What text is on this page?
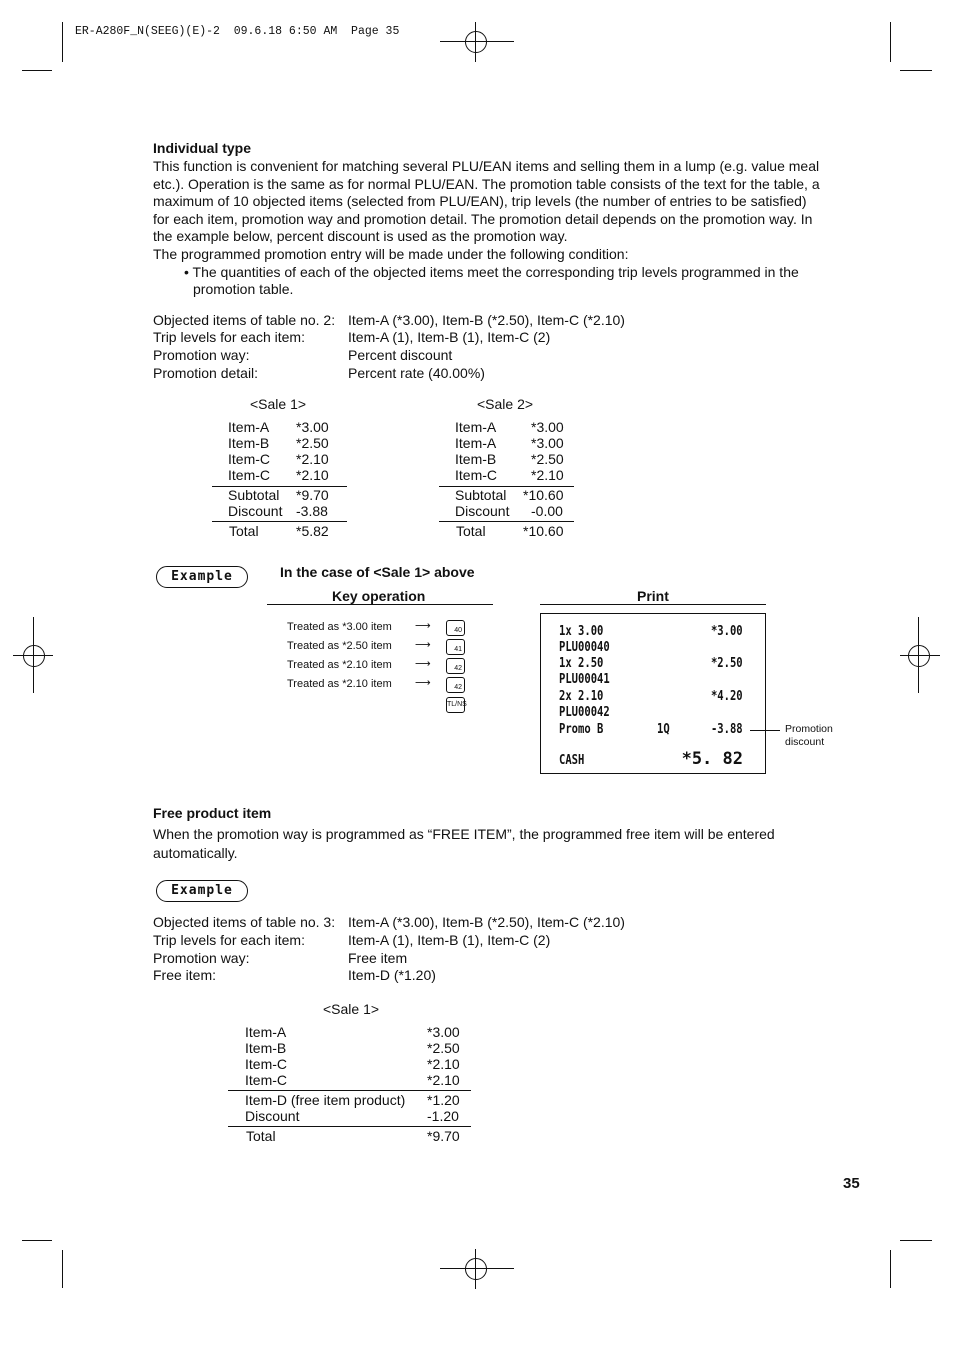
ER-A280F_N(SEEG)(E)-2  09.6.18 6:50 AM  Page 35
Individual type
This function is convenient for matching several PLU/EAN items and selling them in a lump (e.g. value meal
etc.). Operation is the same as for normal PLU/EAN. The promotion table consists of the text for the table, a
maximum of 10 objected items (selected from PLU/EAN), trip levels (the number of entries to be satisfied)
for each item, promotion way and promotion detail. The promotion detail depends on the promotion way. In
the example below, percent discount is used as the promotion way.
The programmed promotion entry will be made under the following condition:
• The quantities of each of the objected items meet the corresponding trip levels programmed in the
promotion table.
Objected items of table no. 2: Item-A (*3.00), Item-B (*2.50), Item-C (*2.10)
Trip levels for each item:	Item-A (1), Item-B (1), Item-C (2)
Promotion way:	Percent discount
Promotion detail:	Percent rate (40.00%)
<Sale 1>
Item-A *3.00
Item-B *2.50
Item-C *2.10
Item-C *2.10
Subtotal *9.70
Discount -3.88
Total	*5.82
<Sale 2>
Item-A *3.00
Item-A *3.00
Item-B *2.50
Item-C *2.10
Subtotal *10.60
Discount -0.00
Total	*10.60
Example	In the case of <Sale 1> above
Key operation	Print
Treated as *3.00 item ⟶	40
Treated as *2.50 item ⟶	41
Treated as *2.10 item ⟶	42
Treated as *2.10 item ⟶	42
TL/NS
1x 3.00	*3.00
PLU00040
1x 2.50	*2.50
PLU00041
2x 2.10	*4.20
PLU00042
Promo B	1Q	-3.88
CASH	*5. 82
Promotion
discount
Free product item
When the promotion way is programmed as “FREE ITEM”, the programmed free item will be entered
automatically.
Example
Objected items of table no. 3: Item-A (*3.00), Item-B (*2.50), Item-C (*2.10)
Trip levels for each item:	Item-A (1), Item-B (1), Item-C (2)
Promotion way:	Free item
Free item:	Item-D (*1.20)
<Sale 1>
Item-A	*3.00
Item-B	*2.50
Item-C	*2.10
Item-C	*2.10
Item-D (free item product) *1.20
Discount	-1.20
Total	*9.70
35
